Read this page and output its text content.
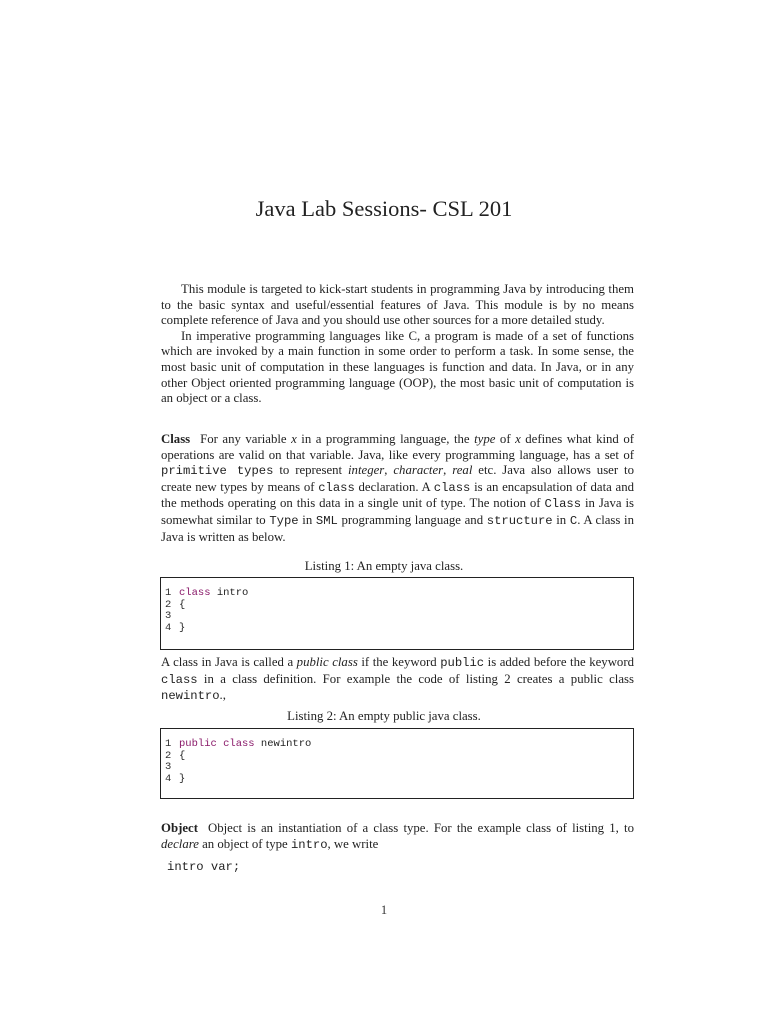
Java Lab Sessions- CSL 201

This module is targeted to kick-start students in programming Java by introducing them to the basic syntax and useful/essential features of Java. This module is by no means complete reference of Java and you should use other sources for a more detailed study.

In imperative programming languages like C, a program is made of a set of functions which are invoked by a main function in some order to perform a task. In some sense, the most basic unit of computation in these languages is function and data. In Java, or in any other Object oriented programming language (OOP), the most basic unit of computation is an object or a class.

Class For any variable x in a programming language, the type of x defines what kind of operations are valid on that variable. Java, like every programming language, has a set of primitive types to represent integer, character, real etc. Java also allows user to create new types by means of class declaration. A class is an encapsulation of data and the methods operating on this data in a single unit of type. The notion of Class in Java is somewhat similar to Type in SML programming language and structure in C. A class in Java is written as below.

Listing 1: An empty java class.
1 class intro
2 {
3
4 }

A class in Java is called a public class if the keyword public is added before the keyword class in a class definition. For example the code of listing 2 creates a public class newintro.,

Listing 2: An empty public java class.
1 public class newintro
2 {
3
4 }

Object Object is an instantiation of a class type. For the example class of listing 1, to declare an object of type intro, we write

intro var;
1
